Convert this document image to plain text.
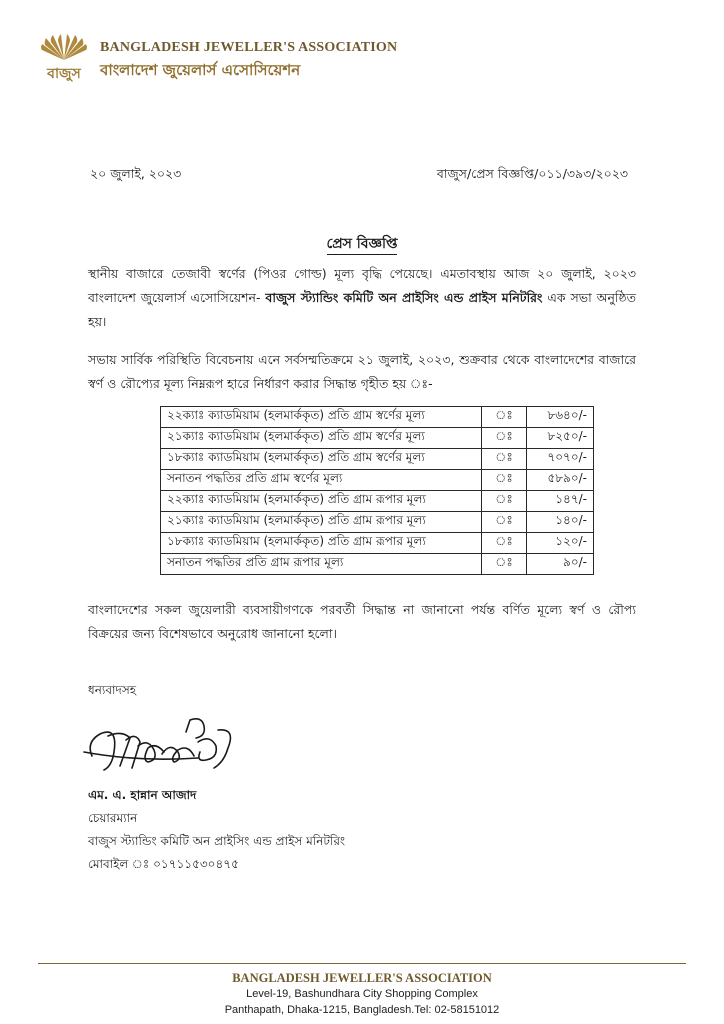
বাজুস
BANGLADESH JEWELLER'S ASSOCIATION
বাংলাদেশ জুয়েলার্স এসোসিয়েশন
২০ জুলাই, ২০২৩	বাজুস/প্রেস বিজ্ঞপ্তি/০১১/৩৯৩/২০২৩
প্রেস বিজ্ঞপ্তি
স্থানীয় বাজারে তেজাবী স্বর্ণের (পিওর গোল্ড) মূল্য বৃদ্ধি পেয়েছে। এমতাবস্থায় আজ ২০ জুলাই, ২০২৩ বাংলাদেশ জুয়েলার্স এসোসিয়েশন- বাজুস স্ট্যান্ডিং কমিটি অন প্রাইসিং এন্ড প্রাইস মনিটরিং এক সভা অনুষ্ঠিত হয়।
সভায় সার্বিক পরিস্থিতি বিবেচনায় এনে সর্বসম্মতিক্রমে ২১ জুলাই, ২০২৩, শুক্রবার থেকে বাংলাদেশের বাজারে স্বর্ণ ও রৌপ্যের মূল্য নিম্নরূপ হারে নির্ধারণ করার সিদ্ধান্ত গৃহীত হয় ঃ-
২২ক্যাঃ ক্যাডমিয়াম (হলমার্ককৃত) প্রতি গ্রাম স্বর্ণের মূল্য	ঃ	৮৬৪০/-
২১ক্যাঃ ক্যাডমিয়াম (হলমার্ককৃত) প্রতি গ্রাম স্বর্ণের মূল্য	ঃ	৮২৫০/-
১৮ক্যাঃ ক্যাডমিয়াম (হলমার্ককৃত) প্রতি গ্রাম স্বর্ণের মূল্য	ঃ	৭০৭০/-
সনাতন পদ্ধতির প্রতি গ্রাম স্বর্ণের মূল্য	ঃ	৫৮৯০/-
২২ক্যাঃ ক্যাডমিয়াম (হলমার্ককৃত) প্রতি গ্রাম রূপার মূল্য	ঃ	১৪৭/-
২১ক্যাঃ ক্যাডমিয়াম (হলমার্ককৃত) প্রতি গ্রাম রূপার মূল্য	ঃ	১৪০/-
১৮ক্যাঃ ক্যাডমিয়াম (হলমার্ককৃত) প্রতি গ্রাম রূপার মূল্য	ঃ	১২০/-
সনাতন পদ্ধতির প্রতি গ্রাম রূপার মূল্য	ঃ	৯০/-
বাংলাদেশের সকল জুয়েলারী ব্যবসায়ীগণকে পরবর্তী সিদ্ধান্ত না জানানো পর্যন্ত বর্ণিত মূল্যে স্বর্ণ ও রৌপ্য বিক্রয়ের জন্য বিশেষভাবে অনুরোধ জানানো হলো।
ধন্যবাদসহ
এম. এ. হান্নান আজাদ
চেয়ারম্যান
বাজুস স্ট্যান্ডিং কমিটি অন প্রাইসিং এন্ড প্রাইস মনিটরিং
মোবাইল ঃ ০১৭১১৫৩০৪৭৫
BANGLADESH JEWELLER'S ASSOCIATION
Level-19, Bashundhara City Shopping Complex
Panthapath, Dhaka-1215, Bangladesh.Tel: 02-58151012
